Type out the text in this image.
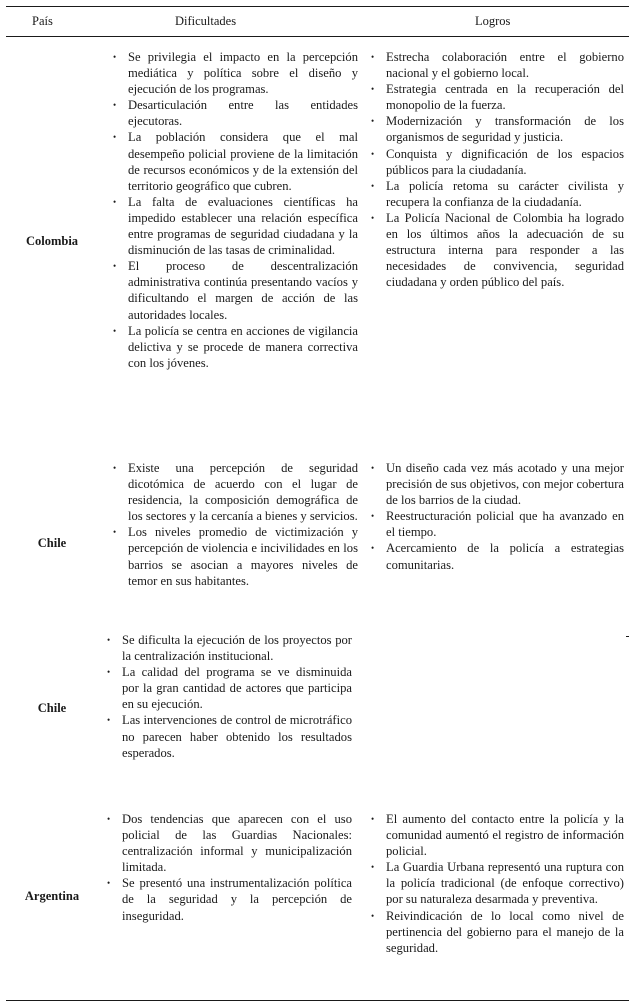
País	Dificultades	Logros
Colombia
• Se privilegia el impacto en la percepción mediática y política sobre el diseño y ejecución de los programas.
• Desarticulación entre las entidades ejecutoras.
• La población considera que el mal desempeño policial proviene de la limitación de recursos económicos y de la extensión del territorio geográfico que cubren.
• La falta de evaluaciones científicas ha impedido establecer una relación específica entre programas de seguridad ciudadana y la disminución de las tasas de criminalidad.
• El proceso de descentralización administrativa continúa presentando vacíos y dificultando el margen de acción de las autoridades locales.
• La policía se centra en acciones de vigilancia delictiva y se procede de manera correctiva con los jóvenes.
• Estrecha colaboración entre el gobierno nacional y el gobierno local.
• Estrategia centrada en la recuperación del monopolio de la fuerza.
• Modernización y transformación de los organismos de seguridad y justicia.
• Conquista y dignificación de los espacios públicos para la ciudadanía.
• La policía retoma su carácter civilista y recupera la confianza de la ciudadanía.
• La Policía Nacional de Colombia ha logrado en los últimos años la adecuación de su estructura interna para responder a las necesidades de convivencia, seguridad ciudadana y orden público del país.
Chile
• Existe una percepción de seguridad dicotómica de acuerdo con el lugar de residencia, la composición demográfica de los sectores y la cercanía a bienes y servicios.
• Los niveles promedio de victimización y percepción de violencia e incivilidades en los barrios se asocian a mayores niveles de temor en sus habitantes.
• Un diseño cada vez más acotado y una mejor precisión de sus objetivos, con mejor cobertura de los barrios de la ciudad.
• Reestructuración policial que ha avanzado en el tiempo.
• Acercamiento de la policía a estrategias comunitarias.
Chile
• Se dificulta la ejecución de los proyectos por la centralización institucional.
• La calidad del programa se ve disminuida por la gran cantidad de actores que participa en su ejecución.
• Las intervenciones de control de microtráfico no parecen haber obtenido los resultados esperados.
Argentina
• Dos tendencias que aparecen con el uso policial de las Guardias Nacionales: centralización informal y municipalización limitada.
• Se presentó una instrumentalización política de la seguridad y la percepción de inseguridad.
• El aumento del contacto entre la policía y la comunidad aumentó el registro de información policial.
• La Guardia Urbana representó una ruptura con la policía tradicional (de enfoque correctivo) por su naturaleza desarmada y preventiva.
• Reivindicación de lo local como nivel de pertinencia del gobierno para el manejo de la seguridad.
